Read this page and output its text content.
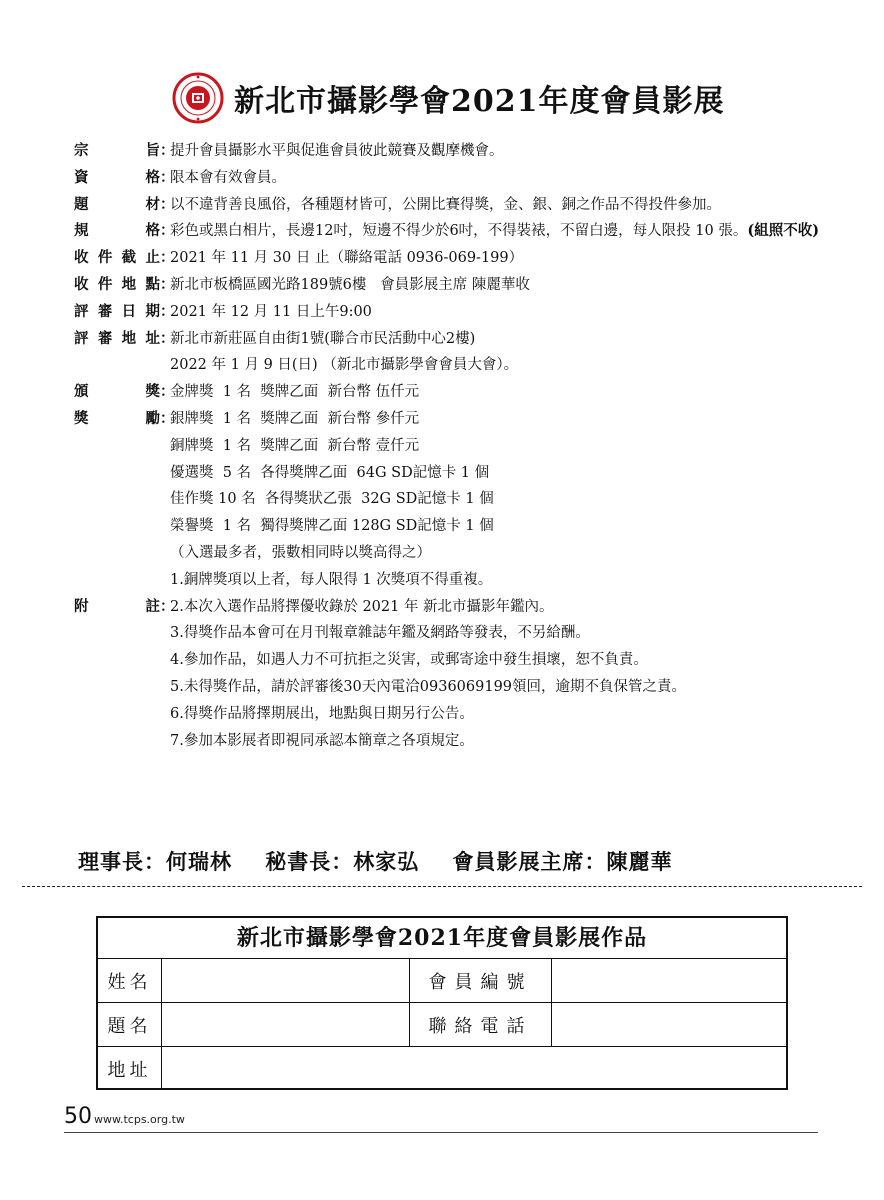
新北市攝影學會2021年度會員影展
宗	旨 ：
提升會員攝影水平與促進會員彼此競賽及觀摩機會。
資	格 ：
限本會有效會員。
題	材 ：
以不違背善良風俗，各種題材皆可，公開比賽得獎，金、銀、銅之作品不得投件參加。
規	格 ：
彩色或黑白相片，長邊12吋，短邊不得少於6吋，不得裝裱，不留白邊，每人限投 10 張。(組照不收)
收 件 截 止 ：
2021 年 11 月 30 日 止（聯絡電話 0936-069-199）
收 件 地 點 ：
新北市板橋區國光路189號6樓   會員影展主席 陳麗華收
評 審 日 期 ：
2021 年 12 月 11 日上午9:00
評 審 地 址 ：
新北市新莊區自由街1號(聯合市民活動中心2樓)
2022 年 1 月 9 日(日) （新北市攝影學會會員大會）。
頒	獎 ：
金牌獎  1 名  獎牌乙面  新台幣 伍仟元
獎	勵 ：
銀牌獎  1 名  獎牌乙面  新台幣 參仟元
銅牌獎  1 名  獎牌乙面  新台幣 壹仟元
優選獎  5 名  各得獎牌乙面  64G SD記憶卡 1 個
佳作獎 10 名  各得獎狀乙張  32G SD記憶卡 1 個
榮譽獎  1 名  獨得獎牌乙面 128G SD記憶卡 1 個
（入選最多者，張數相同時以獎高得之）
1.銅牌獎項以上者，每人限得 1 次獎項不得重複。
附	註 ：
2.本次入選作品將擇優收錄於 2021 年 新北市攝影年鑑內。
3.得獎作品本會可在月刊報章雜誌年鑑及網路等發表，不另給酬。
4.參加作品，如遇人力不可抗拒之災害，或郵寄途中發生損壞，恕不負責。
5.未得獎作品，請於評審後30天內電洽0936069199領回，逾期不負保管之責。
6.得獎作品將擇期展出，地點與日期另行公告。
7.參加本影展者即視同承認本簡章之各項規定。
理事長：何瑞林    秘書長：林家弘    會員影展主席：陳麗華
新北市攝影學會2021年度會員影展作品
姓名	會員編號
題名	聯絡電話
地址
50 www.tcps.org.tw
